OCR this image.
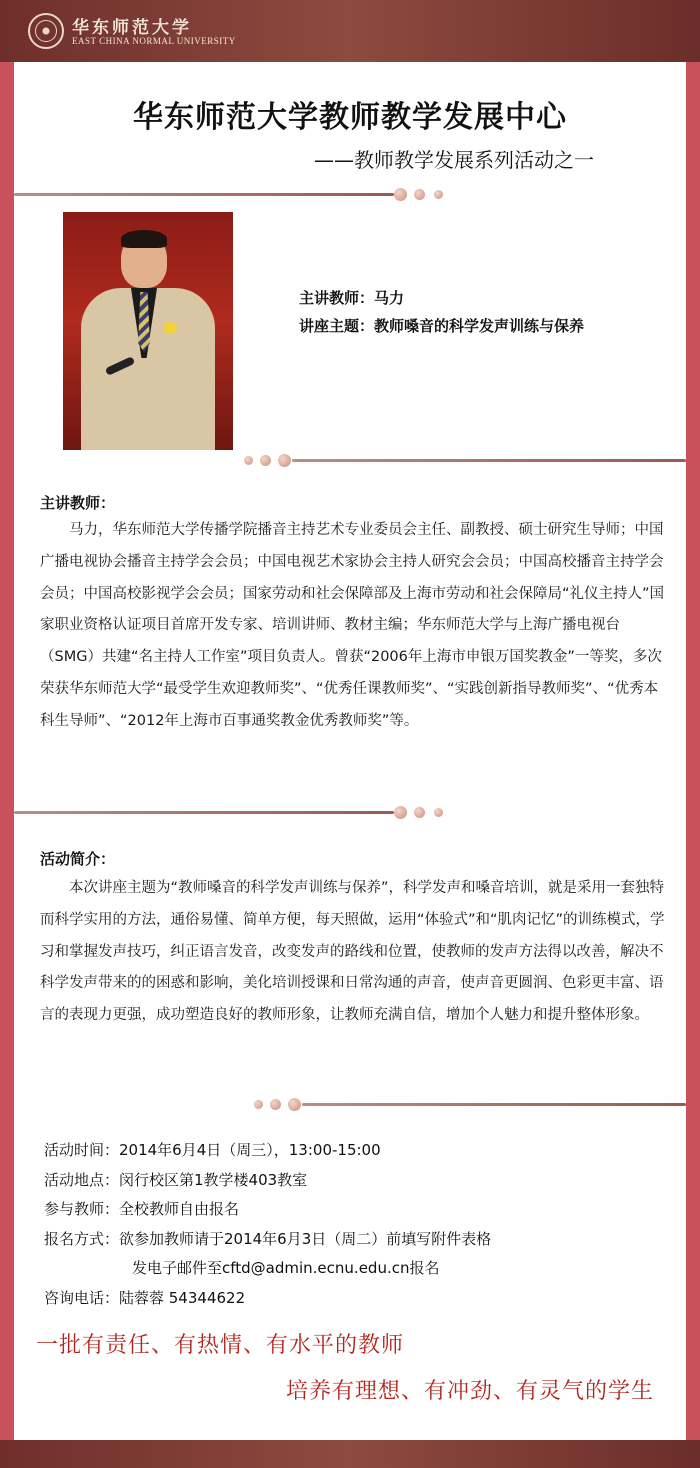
华东师范大学
EAST CHINA NORMAL UNIVERSITY
华东师范大学教师教学发展中心
——教师教学发展系列活动之一
主讲教师：马力
讲座主题：教师嗓音的科学发声训练与保养
主讲教师：

马力，华东师范大学传播学院播音主持艺术专业委员会主任、副教授、硕士研究生导师；中国广播电视协会播音主持学会会员；中国电视艺术家协会主持人研究会会员；中国高校播音主持学会会员；中国高校影视学会会员；国家劳动和社会保障部及上海市劳动和社会保障局“礼仪主持人”国家职业资格认证项目首席开发专家、培训讲师、教材主编；华东师范大学与上海广播电视台（SMG）共建“名主持人工作室”项目负责人。曾获“2006年上海市申银万国奖教金”一等奖，多次荣获华东师范大学“最受学生欢迎教师奖”、“优秀任课教师奖”、“实践创新指导教师奖”、“优秀本科生导师”、“2012年上海市百事通奖教金优秀教师奖”等。

活动简介：

本次讲座主题为“教师嗓音的科学发声训练与保养”，科学发声和嗓音培训，就是采用一套独特而科学实用的方法，通俗易懂、简单方便，每天照做，运用“体验式”和“肌肉记忆”的训练模式，学习和掌握发声技巧，纠正语言发音，改变发声的路线和位置，使教师的发声方法得以改善，解决不科学发声带来的的困惑和影响，美化培训授课和日常沟通的声音，使声音更圆润、色彩更丰富、语言的表现力更强，成功塑造良好的教师形象，让教师充满自信，增加个人魅力和提升整体形象。

活动时间：2014年6月4日（周三），13:00-15:00
活动地点：闵行校区第1教学楼403教室
参与教师：全校教师自由报名
报名方式：欲参加教师请于2014年6月3日（周二）前填写附件表格
发电子邮件至cftd@admin.ecnu.edu.cn报名
咨询电话：陆蓉蓉 54344622
一批有责任、有热情、有水平的教师
培养有理想、有冲劲、有灵气的学生
